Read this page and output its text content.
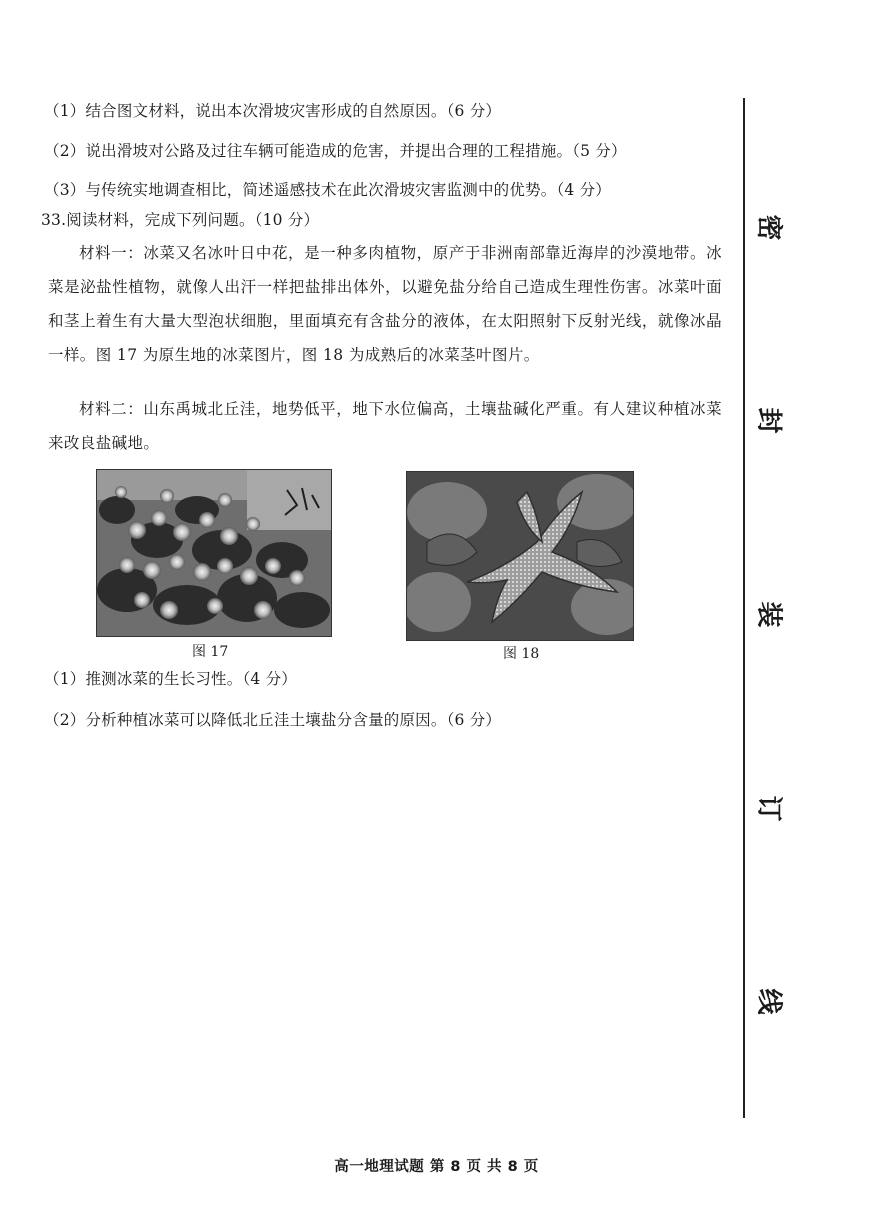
（1）结合图文材料，说出本次滑坡灾害形成的自然原因。（6 分）
（2）说出滑坡对公路及过往车辆可能造成的危害，并提出合理的工程措施。（5 分）
（3）与传统实地调查相比，简述遥感技术在此次滑坡灾害监测中的优势。（4 分）
33.阅读材料，完成下列问题。（10 分）
材料一：冰菜又名冰叶日中花，是一种多肉植物，原产于非洲南部靠近海岸的沙漠地带。冰菜是泌盐性植物，就像人出汗一样把盐排出体外，以避免盐分给自己造成生理性伤害。冰菜叶面和茎上着生有大量大型泡状细胞，里面填充有含盐分的液体，在太阳照射下反射光线，就像冰晶一样。图 17 为原生地的冰菜图片，图 18 为成熟后的冰菜茎叶图片。
材料二：山东禹城北丘洼，地势低平，地下水位偏高，土壤盐碱化严重。有人建议种植冰菜来改良盐碱地。
图 17	图 18
（1）推测冰菜的生长习性。（4 分）
（2）分析种植冰菜可以降低北丘洼土壤盐分含量的原因。（6 分）
密
封
装
订
线
高一地理试题 第 8 页 共 8 页
